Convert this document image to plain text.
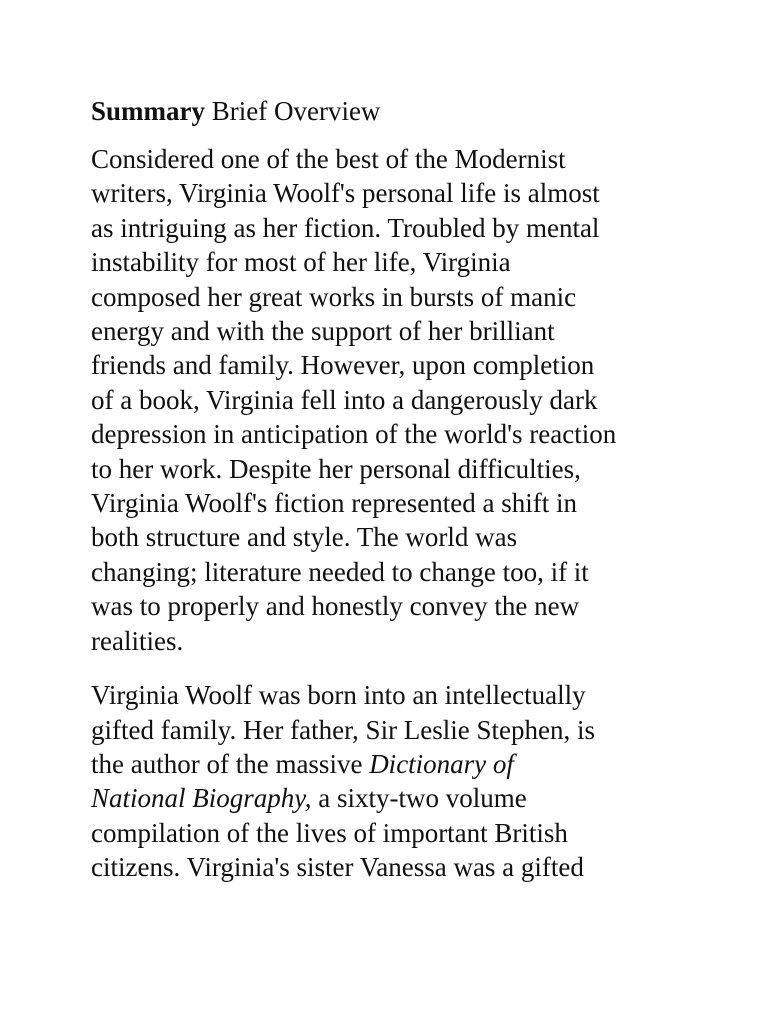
Summary Brief Overview
Considered one of the best of the Modernist
writers, Virginia Woolf's personal life is almost
as intriguing as her fiction. Troubled by mental
instability for most of her life, Virginia
composed her great works in bursts of manic
energy and with the support of her brilliant
friends and family. However, upon completion
of a book, Virginia fell into a dangerously dark
depression in anticipation of the world's reaction
to her work. Despite her personal difficulties,
Virginia Woolf's fiction represented a shift in
both structure and style. The world was
changing; literature needed to change too, if it
was to properly and honestly convey the new
realities.
Virginia Woolf was born into an intellectually
gifted family. Her father, Sir Leslie Stephen, is
the author of the massive Dictionary of
National Biography, a sixty-two volume
compilation of the lives of important British
citizens. Virginia's sister Vanessa was a gifted
